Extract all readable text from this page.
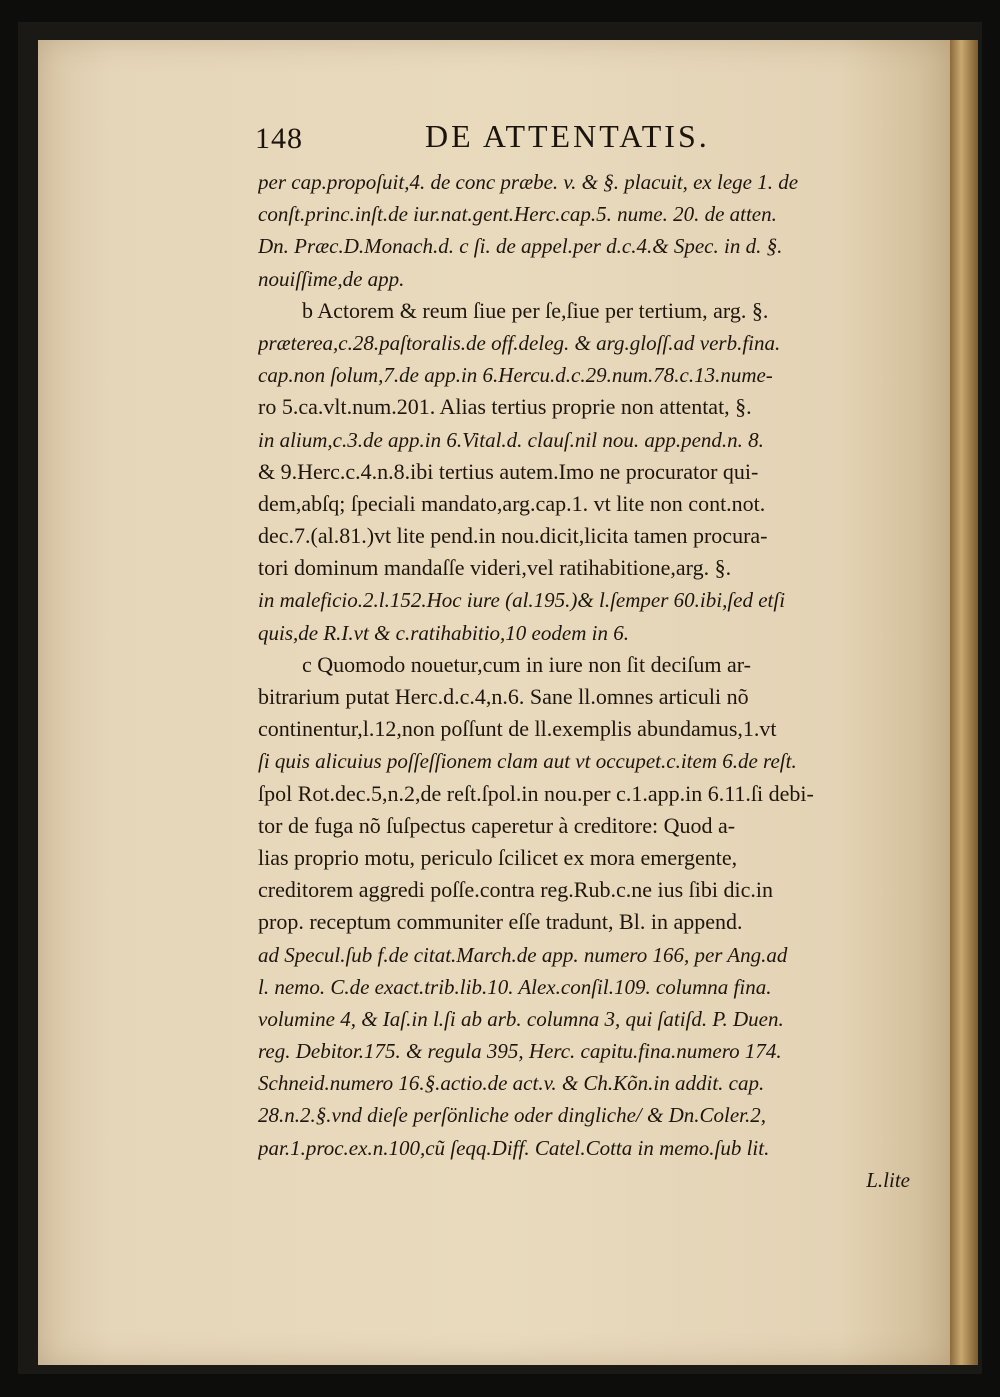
148	DE ATTENTATIS.
per cap.propoſuit,4. de conc præbe. v. & §. placuit, ex lege 1. de
conſt.princ.inſt.de iur.nat.gent.Herc.cap.5. nume. 20. de atten.
Dn. Præc.D.Monach.d. c ſi. de appel.per d.c.4.& Spec. in d. §.
nouiſſime,de app.
b Actorem & reum ſiue per ſe,ſiue per tertium, arg. §.
præterea,c.28.paſtoralis.de off.deleg. & arg.gloſſ.ad verb.fina.
cap.non ſolum,7.de app.in 6.Hercu.d.c.29.num.78.c.13.nume-
ro 5.ca.vlt.num.201. Alias tertius proprie non attentat, §.
in alium,c.3.de app.in 6.Vital.d. clauſ.nil nou. app.pend.n. 8.
& 9.Herc.c.4.n.8.ibi tertius autem.Imo ne procurator qui-
dem,abſq; ſpeciali mandato,arg.cap.1. vt lite non cont.not.
dec.7.(al.81.)vt lite pend.in nou.dicit,licita tamen procura-
tori dominum mandaſſe videri,vel ratihabitione,arg. §.
in maleficio.2.l.152.Hoc iure (al.195.)& l.ſemper 60.ibi,ſed etſi
quis,de R.I.vt & c.ratihabitio,10 eodem in 6.
c Quomodo nouetur,cum in iure non ſit deciſum ar-
bitrarium putat Herc.d.c.4,n.6. Sane ll.omnes articuli nõ
continentur,l.12,non poſſunt de ll.exemplis abundamus,1.vt
ſi quis alicuius poſſeſſionem clam aut vt occupet.c.item 6.de reſt.
ſpol Rot.dec.5,n.2,de reſt.ſpol.in nou.per c.1.app.in 6.11.ſi debi-
tor de fuga nõ ſuſpectus caperetur à creditore: Quod a-
lias proprio motu, periculo ſcilicet ex mora emergente,
creditorem aggredi poſſe.contra reg.Rub.c.ne ius ſibi dic.in
prop. receptum communiter eſſe tradunt, Bl. in append.
ad Specul.ſub f.de citat.March.de app. numero 166, per Ang.ad
l. nemo. C.de exact.trib.lib.10. Alex.conſil.109. columna fina.
volumine 4, & Iaſ.in l.ſi ab arb. columna 3, qui ſatiſd. P. Duen.
reg. Debitor.175. & regula 395, Herc. capitu.fina.numero 174.
Schneid.numero 16.§.actio.de act.v. & Ch.Kõn.in addit. cap.
28.n.2.§.vnd dieſe perſönliche oder dingliche/ & Dn.Coler.2,
par.1.proc.ex.n.100,cũ ſeqq.Diff. Catel.Cotta in memo.ſub lit.
L.lite
